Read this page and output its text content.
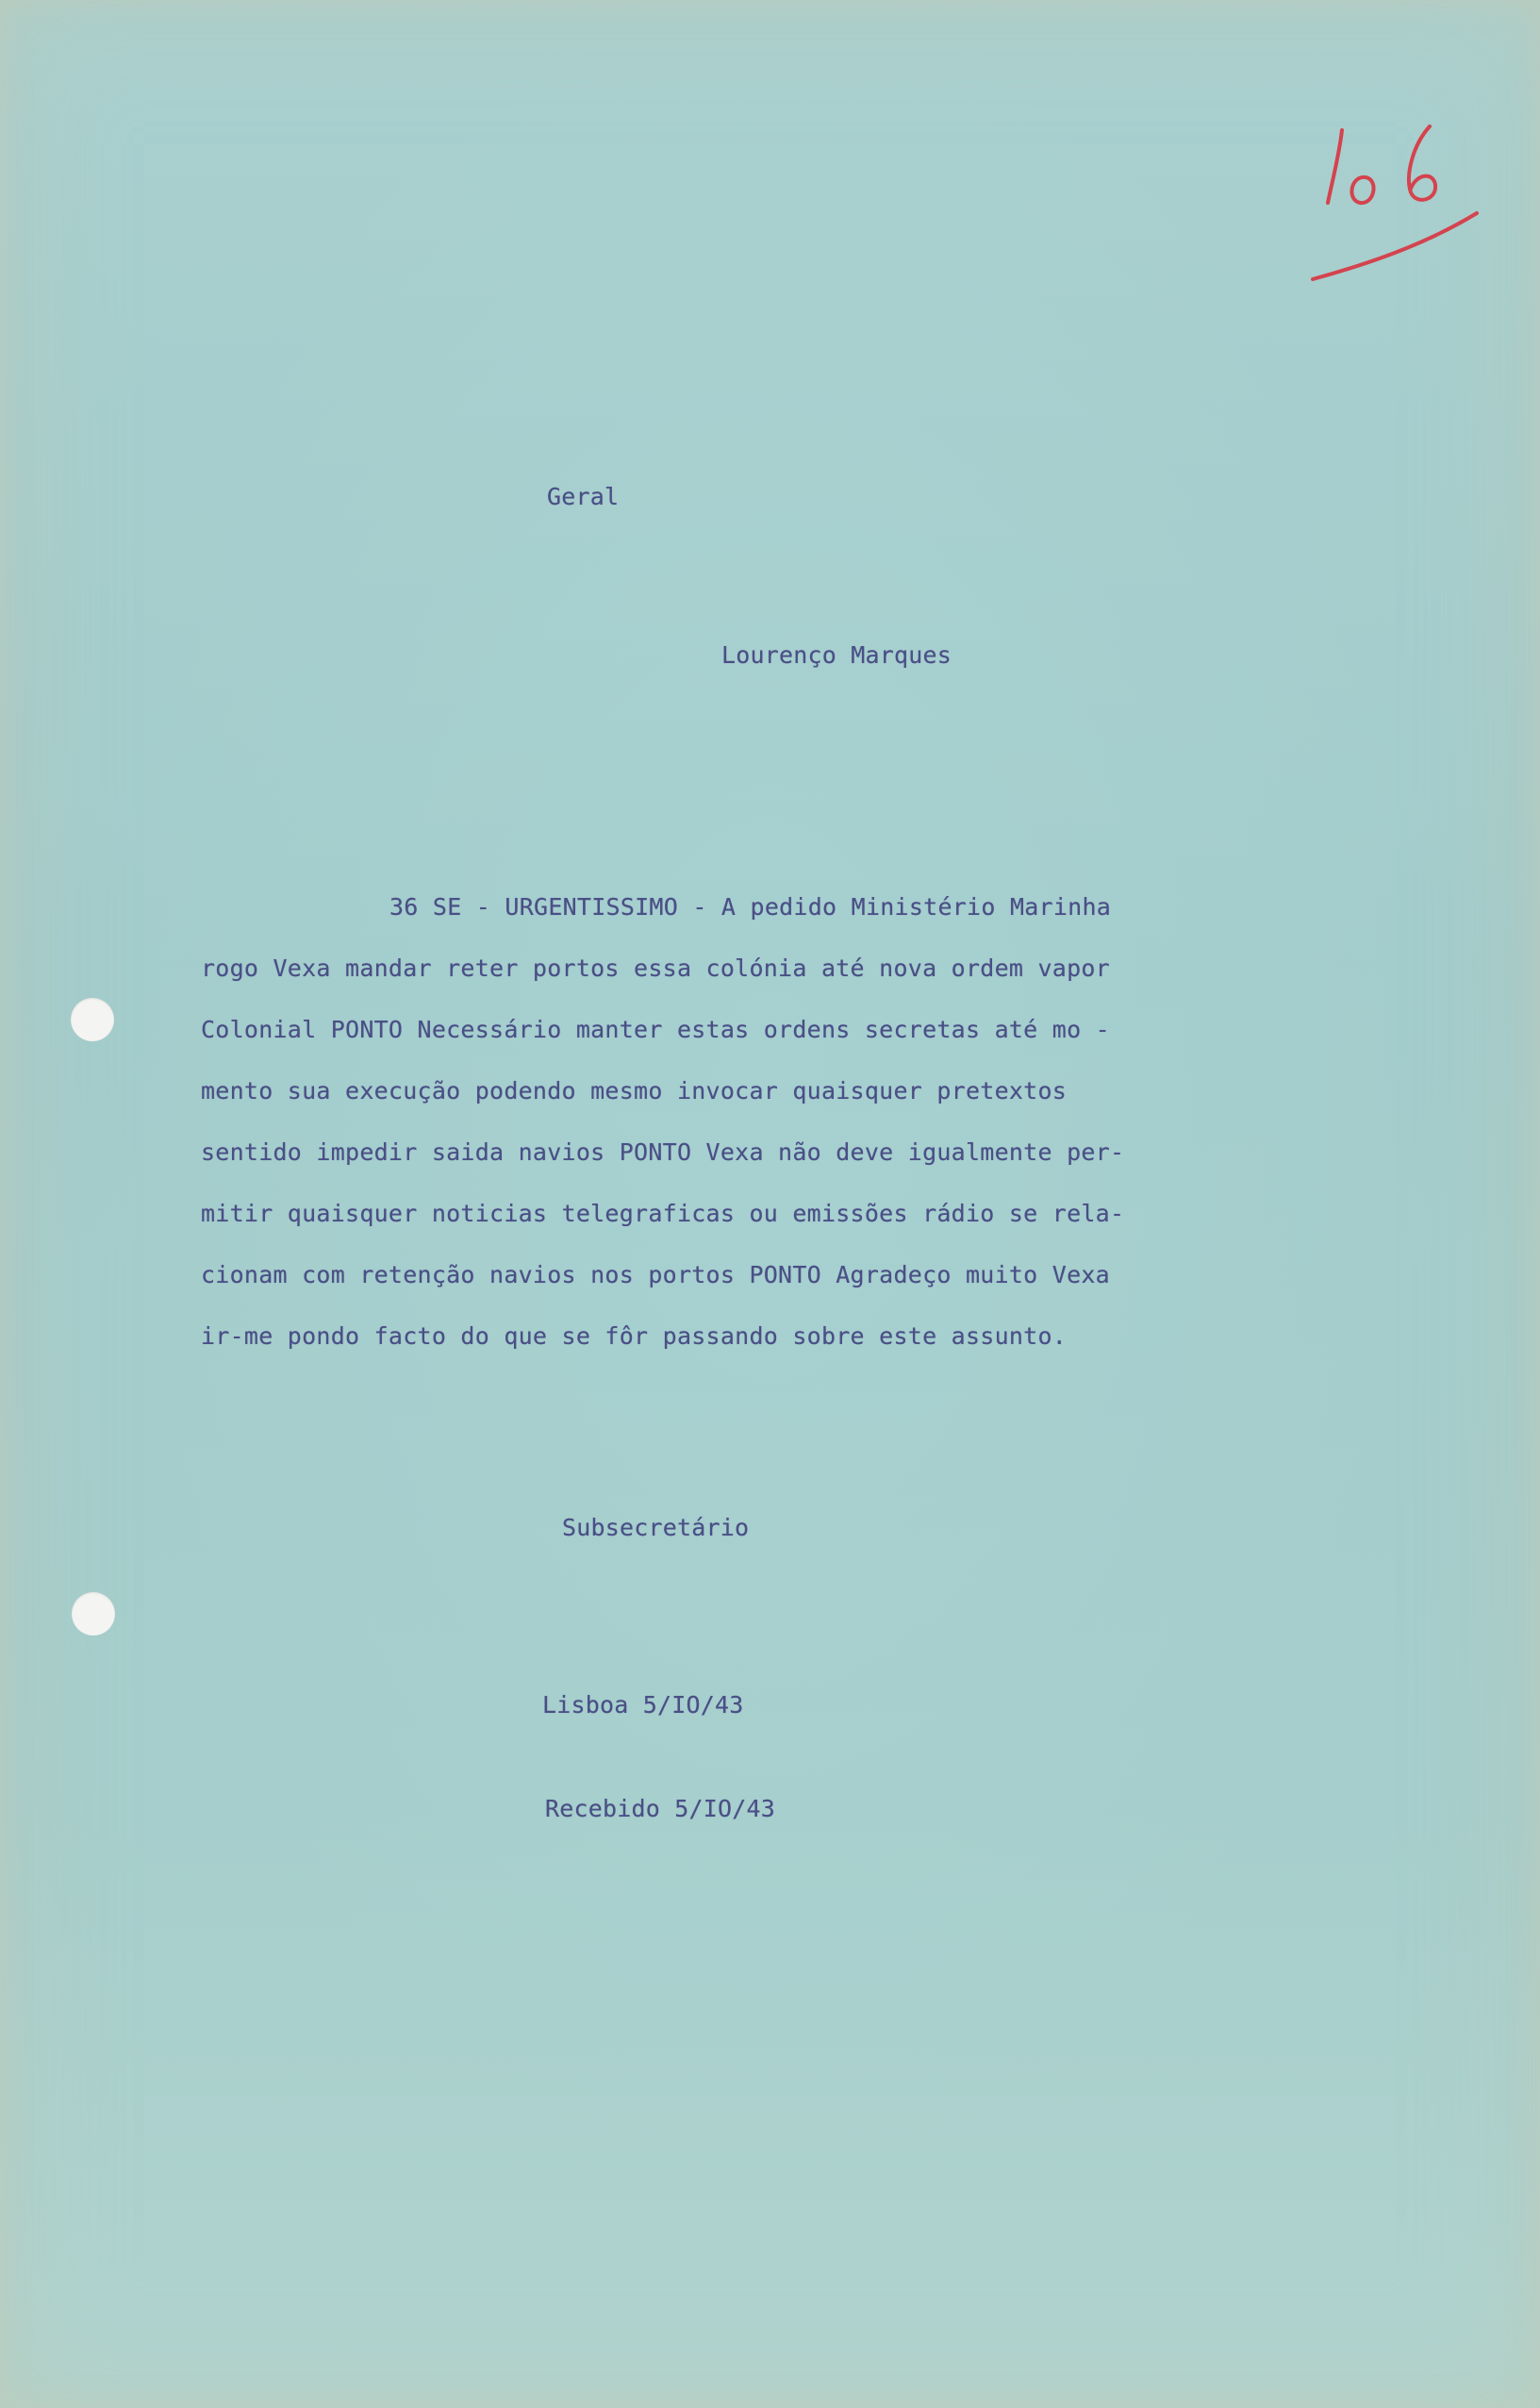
Geral

Lourenço Marques

36 SE - URGENTISSIMO - A pedido Ministério Marinha
rogo Vexa mandar reter portos essa colónia até nova ordem vapor
Colonial PONTO Necessário manter estas ordens secretas até mo -
mento sua execução podendo mesmo invocar quaisquer pretextos
sentido impedir saida navios PONTO Vexa não deve igualmente per-
mitir quaisquer noticias telegraficas ou emissões rádio se rela-
cionam com retenção navios nos portos PONTO Agradeço muito Vexa
ir-me pondo facto do que se fôr passando sobre este assunto.

Subsecretário

Lisboa 5/IO/43

Recebido 5/IO/43
